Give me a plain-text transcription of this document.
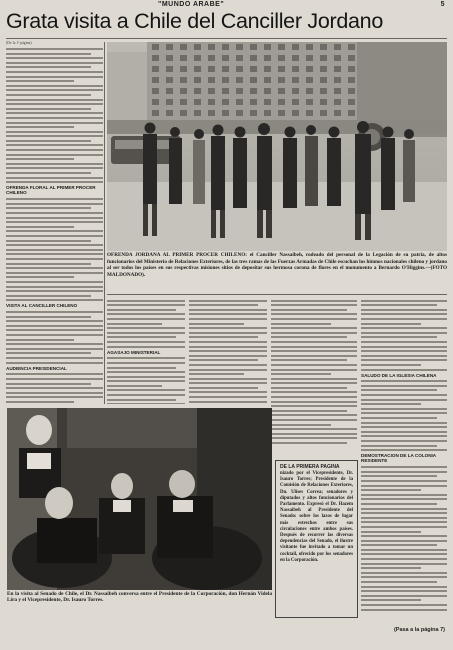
"MUNDO ARABE"	5
Grata visita a Chile del Canciller Jordano
(De la 1ª página)
OFRENDA FLORAL AL PRIMER PROCER CHILENO
VISITA AL CANCILLER CHILENO
AUDIENCIA PRESIDENCIAL
OFRENDA JORDANA AL PRIMER PROCER CHILENO: el Canciller Nassaibeh, rodeado del personal de la Legación de su patria, de altos funcionarios del Ministerio de Relaciones Exteriores, de las tres ramas de las Fuerzas Armadas de Chile escuchan los himnos nacionales chileno y jordano al ser todos los países en sus respectivas misiones sitios de depositar sus hermosa corona de flores en el monumento a Bernardo O'Higgins.—(FOTO MALDONADO).
AGASAJO MINISTERIAL
SALUDO DE LA IGLESIA CHILENA
DEMOSTRACION DE LA COLONIA RESIDENTE
En la visita al Senado de Chile, el Dr. Nassaibeh conversa entre el Presidente de la Corporación, don Hernán Videla Lira y el Vicepresidente, Dr. Isauro Torres.
DE LA PRIMERA PAGINA
nizado por el Vicepresidente, Dr. Isauro Torres; Presidente de la Comisión de Relaciones Exteriores, Dn. Ulises Correa; senadores y diputados y altos funcionarios del Parlamento. Expresó el Dr. Hazem Nassaibeh al Presidente del Senado: sobre los lazos de lugar más estrechos entre sus circulaciones entre ambos países. Después de recorrer las diversas dependencias del Senado, el ilustre visitante fue invitado a tomar un cocktail, ofrecido por los senadores en la Corporación.
(Pasa a la página 7)
